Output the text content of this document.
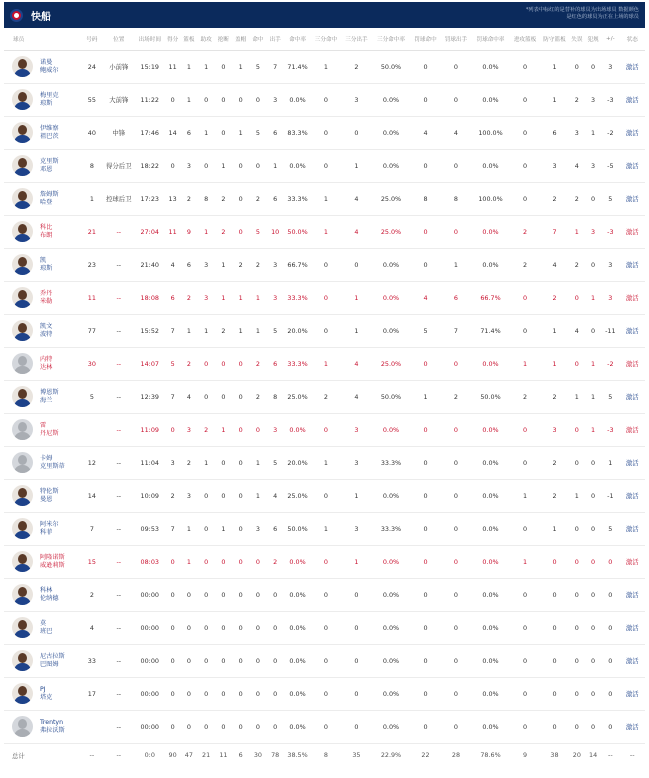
快船
*列表中标红的是替补的球员为出场球员 数据颜色是红色的球员为正在上场的球员
球员	号码	位置	出场时间	得分	篮板	助攻	抢断	盖帽	命中	出手	命中率	三分命中	三分出手	三分命中率	罚球命中	罚球出手	罚球命中率	进攻篮板	防守篮板	失误	犯规	+/-	状态

诺曼
鲍威尔	24	小前锋	15:19	11	1	1	0	1	5	7	71.4%	1	2	50.0%	0	0	0.0%	0	1	0	0	3	激活

梅里克
琼斯	55	大前锋	11:22	0	1	0	0	0	0	3	0.0%	0	3	0.0%	0	0	0.0%	0	1	2	3	-3	激活

伊维察
祖巴茨	40	中锋	17:46	14	6	1	0	1	5	6	83.3%	0	0	0.0%	4	4	100.0%	0	6	3	1	-2	激活

克里斯
邓恩	8	得分后卫	18:22	0	3	0	1	0	0	1	0.0%	0	1	0.0%	0	0	0.0%	0	3	4	3	-5	激活

詹姆斯
哈登	1	控球后卫	17:23	13	2	8	2	0	2	6	33.3%	1	4	25.0%	8	8	100.0%	0	2	2	0	5	激活

科比
布朗	21	--	27:04	11	9	1	2	0	5	10	50.0%	1	4	25.0%	0	0	0.0%	2	7	1	3	-3	激活

凯
琼斯	23	--	21:40	4	6	3	1	2	2	3	66.7%	0	0	0.0%	0	1	0.0%	2	4	2	0	3	激活

乔丹
米勒	11	--	18:08	6	2	3	1	1	1	3	33.3%	0	1	0.0%	4	6	66.7%	0	2	0	1	3	激活

凯文
波特	77	--	15:52	7	1	1	2	1	1	5	20.0%	0	1	0.0%	5	7	71.4%	0	1	4	0	-11	激活

内特
达林	30	--	14:07	5	2	0	0	0	2	6	33.3%	1	4	25.0%	0	0	0.0%	1	1	0	1	-2	激活

博恩斯
海兰	5	--	12:39	7	4	0	0	0	2	8	25.0%	2	4	50.0%	1	2	50.0%	2	2	1	1	5	激活

雷
丹尼斯		--	11:09	0	3	2	1	0	0	3	0.0%	0	3	0.0%	0	0	0.0%	0	3	0	1	-3	激活

卡姆
克里斯蒂	12	--	11:04	3	2	1	0	0	1	5	20.0%	1	3	33.3%	0	0	0.0%	0	2	0	0	1	激活

特伦斯
曼恩	14	--	10:09	2	3	0	0	0	1	4	25.0%	0	1	0.0%	0	0	0.0%	1	2	1	0	-1	激活

阿米尔
科菲	7	--	09:53	7	1	0	1	0	3	6	50.0%	1	3	33.3%	0	0	0.0%	0	1	0	0	5	激活

阿隆诺斯
威逊莉斯	15	--	08:03	0	1	0	0	0	0	2	0.0%	0	1	0.0%	0	0	0.0%	1	0	0	0	0	激活

科林
伦纳德	2	--	00:00	0	0	0	0	0	0	0	0.0%	0	0	0.0%	0	0	0.0%	0	0	0	0	0	激活

莫
班巴	4	--	00:00	0	0	0	0	0	0	0	0.0%	0	0	0.0%	0	0	0.0%	0	0	0	0	0	激活

尼古拉斯
巴图姆	33	--	00:00	0	0	0	0	0	0	0	0.0%	0	0	0.0%	0	0	0.0%	0	0	0	0	0	激活

PJ
塔克	17	--	00:00	0	0	0	0	0	0	0	0.0%	0	0	0.0%	0	0	0.0%	0	0	0	0	0	激活

Trentyn
弗拉沃斯		--	00:00	0	0	0	0	0	0	0	0.0%	0	0	0.0%	0	0	0.0%	0	0	0	0	0	激活
总计	--	--	0:0	90	47	21	11	6	30	78	38.5%	8	35	22.9%	22	28	78.6%	9	38	20	14	--	--
